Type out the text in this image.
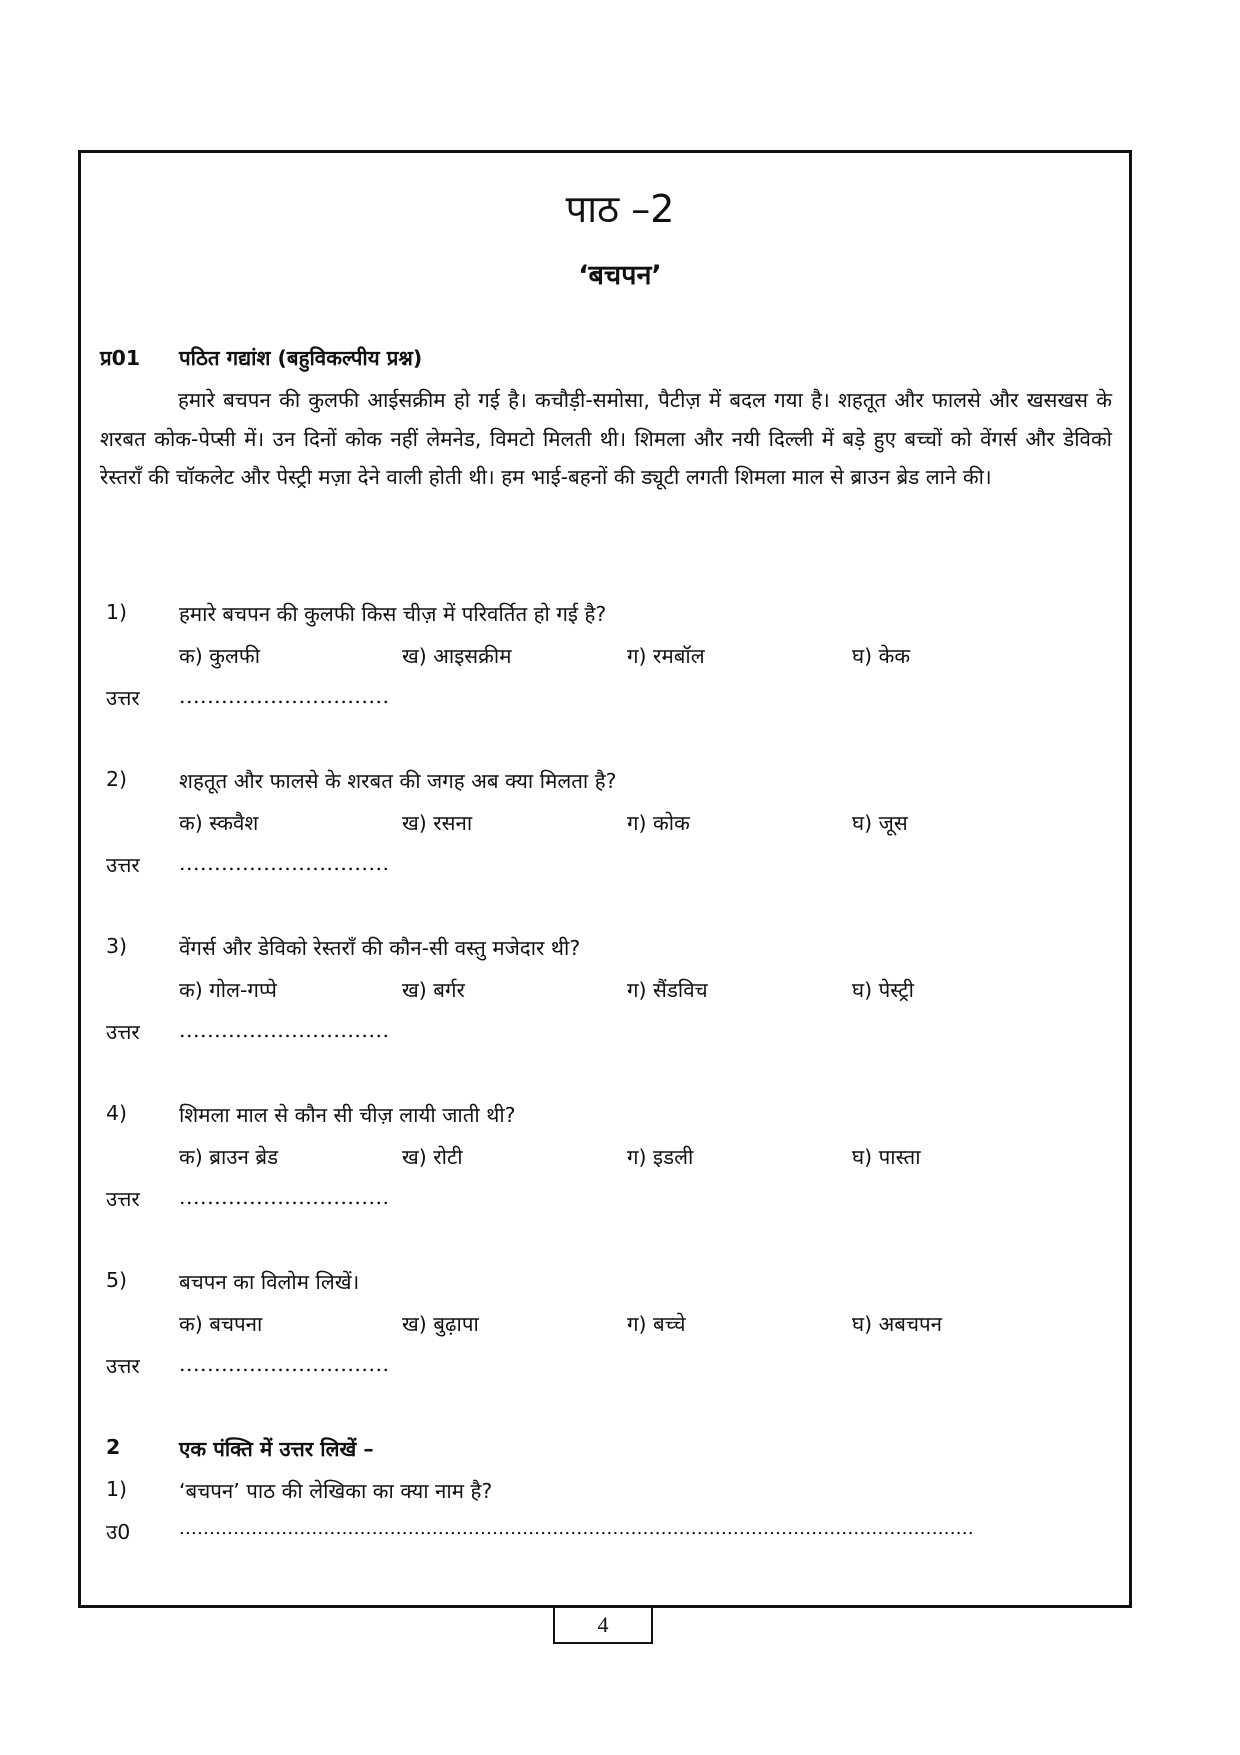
पाठ –2
‘बचपन’
प्र01 पठित गद्यांश (बहुविकल्पीय प्रश्न)

हमारे बचपन की कुलफी आईसक्रीम हो गई है। कचौड़ी-समोसा, पैटीज़ में बदल गया है। शहतूत और फालसे और खसखस के शरबत कोक-पेप्सी में। उन दिनों कोक नहीं लेमनेड, विमटो मिलती थी। शिमला और नयी दिल्ली में बड़े हुए बच्चों को वेंगर्स और डेविको रेस्तराँ की चॉकलेट और पेस्ट्री मज़ा देने वाली होती थी। हम भाई-बहनों की ड्यूटी लगती शिमला माल से ब्राउन ब्रेड लाने की।

1)	हमारे बचपन की कुलफी किस चीज़ में परिवर्तित हो गई है?
क) कुलफी	ख) आइसक्रीम	ग) रमबॉल	घ) केक
उत्तर ..............................
2)	शहतूत और फालसे के शरबत की जगह अब क्या मिलता है?
क) स्कवैश	ख) रसना	ग) कोक	घ) जूस
उत्तर ..............................
3)	वेंगर्स और डेविको रेस्तराँ की कौन-सी वस्तु मजेदार थी?
क) गोल-गप्पे	ख) बर्गर	ग) सैंडविच	घ) पेस्ट्री
उत्तर ..............................
4)	शिमला माल से कौन सी चीज़ लायी जाती थी?
क) ब्राउन ब्रेड	ख) रोटी	ग) इडली	घ) पास्ता
उत्तर ..............................
5)	बचपन का विलोम लिखें।
क) बचपना	ख) बुढ़ापा	ग) बच्चे	घ) अबचपन
उत्तर ..............................
2	एक पंक्ति में उत्तर लिखें –
1)	‘बचपन’ पाठ की लेखिका का क्या नाम है?
उ0	....................................................................................................................................
4
